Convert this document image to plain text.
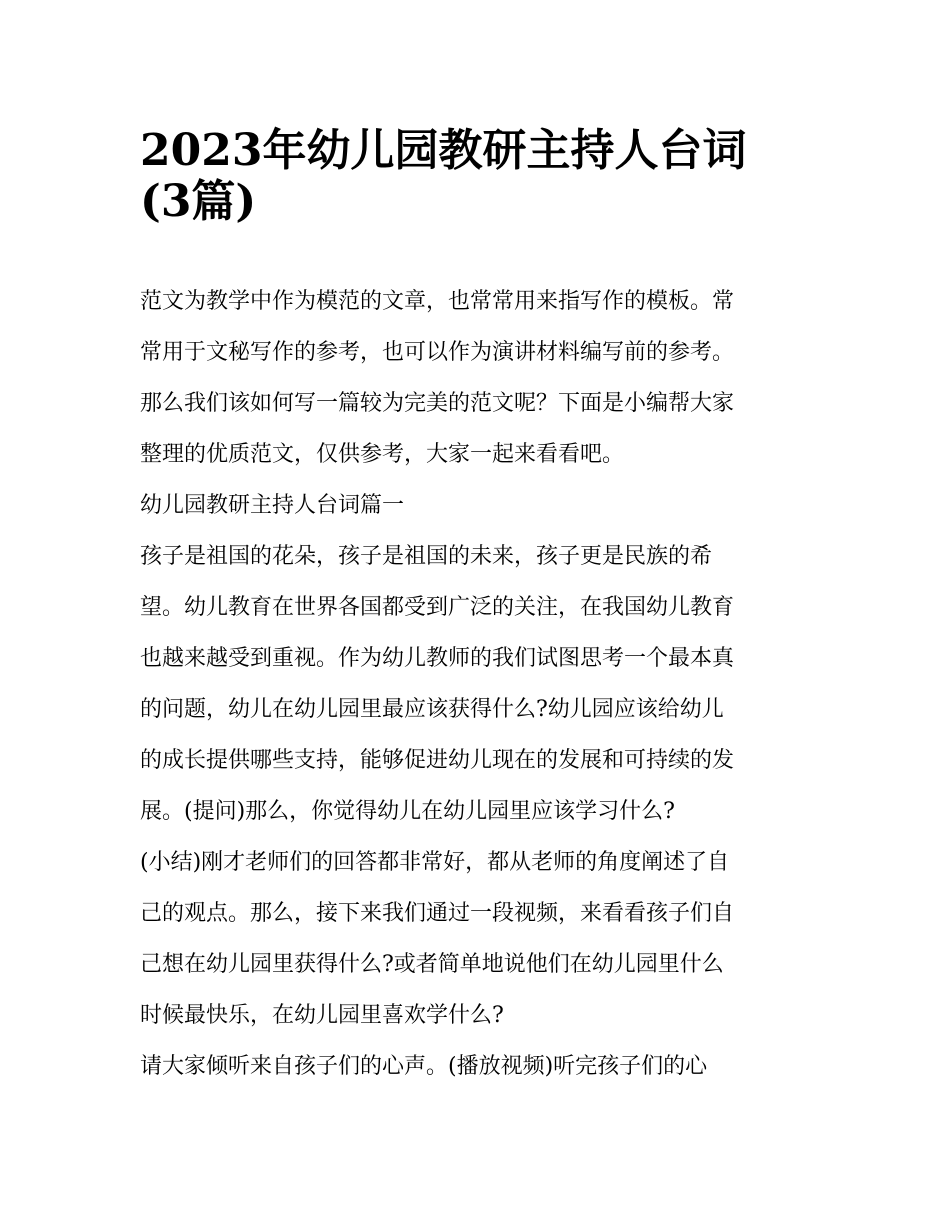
2023年幼儿园教研主持人台词
(3篇)
范文为教学中作为模范的文章，也常常用来指写作的模板。常
常用于文秘写作的参考，也可以作为演讲材料编写前的参考。
那么我们该如何写一篇较为完美的范文呢？下面是小编帮大家
整理的优质范文，仅供参考，大家一起来看看吧。
幼儿园教研主持人台词篇一
孩子是祖国的花朵，孩子是祖国的未来，孩子更是民族的希
望。幼儿教育在世界各国都受到广泛的关注，在我国幼儿教育
也越来越受到重视。作为幼儿教师的我们试图思考一个最本真
的问题，幼儿在幼儿园里最应该获得什么?幼儿园应该给幼儿
的成长提供哪些支持，能够促进幼儿现在的发展和可持续的发
展。(提问)那么，你觉得幼儿在幼儿园里应该学习什么?
(小结)刚才老师们的回答都非常好，都从老师的角度阐述了自
己的观点。那么，接下来我们通过一段视频，来看看孩子们自
己想在幼儿园里获得什么?或者简单地说他们在幼儿园里什么
时候最快乐，在幼儿园里喜欢学什么?
请大家倾听来自孩子们的心声。(播放视频)听完孩子们的心
